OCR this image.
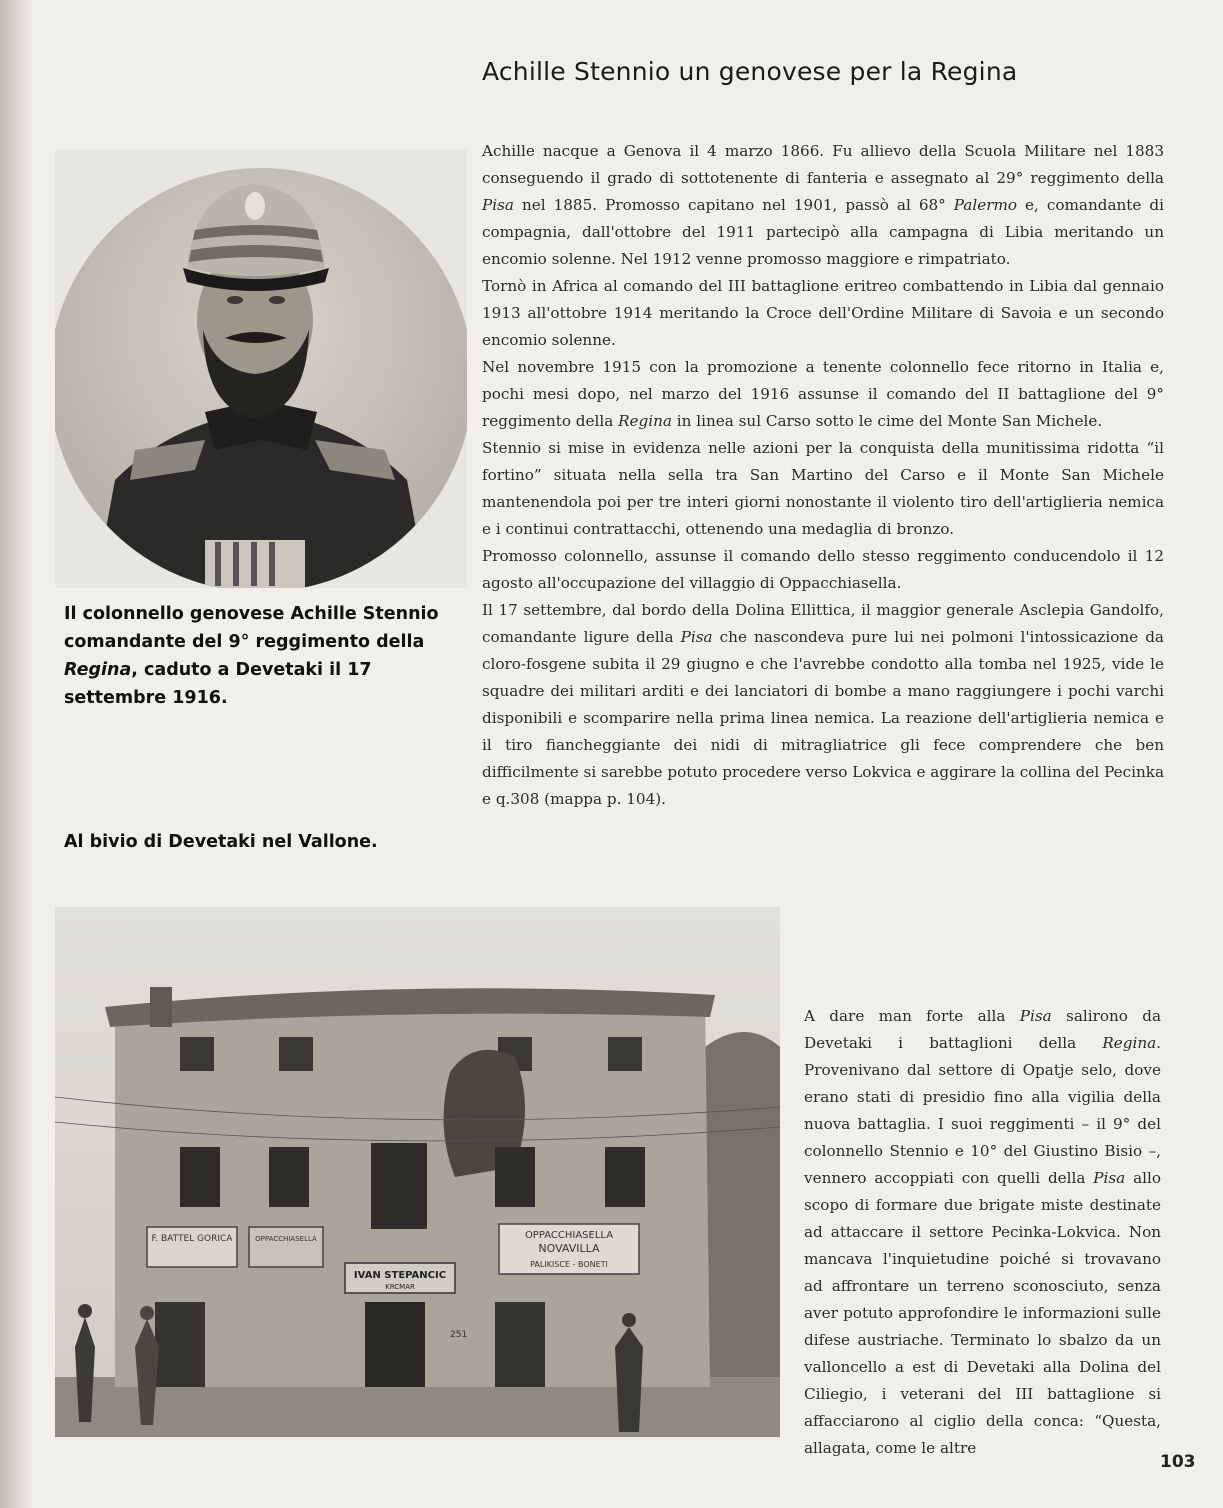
Achille Stennio un genovese per la Regina

Il colonnello genovese Achille Stennio comandante del 9° reggimento della Regina, caduto a Devetaki il 17 settembre 1916.

Al bivio di Devetaki nel Vallone.

Achille nacque a Genova il 4 marzo 1866. Fu allievo della Scuola Militare nel 1883 conseguendo il grado di sottotenente di fanteria e assegnato al 29° reggimento della Pisa nel 1885. Promosso capitano nel 1901, passò al 68° Palermo e, comandante di compagnia, dall'ottobre del 1911 partecipò alla campagna di Libia meritando un encomio solenne. Nel 1912 venne promosso maggiore e rimpatriato.

Tornò in Africa al comando del III battaglione eritreo combattendo in Libia dal gennaio 1913 all'ottobre 1914 meritando la Croce dell'Ordine Militare di Savoia e un secondo encomio solenne.

Nel novembre 1915 con la promozione a tenente colonnello fece ritorno in Italia e, pochi mesi dopo, nel marzo del 1916 assunse il comando del II battaglione del 9° reggimento della Regina in linea sul Carso sotto le cime del Monte San Michele.

Stennio si mise in evidenza nelle azioni per la conquista della munitissima ridotta “il fortino” situata nella sella tra San Martino del Carso e il Monte San Michele mantenendola poi per tre interi giorni nonostante il violento tiro dell'artiglieria nemica e i continui contrattacchi, ottenendo una medaglia di bronzo.

Promosso colonnello, assunse il comando dello stesso reggimento conducendolo il 12 agosto all'occupazione del villaggio di Oppacchiasella.

Il 17 settembre, dal bordo della Dolina Ellittica, il maggior generale Asclepia Gandolfo, comandante ligure della Pisa che nascondeva pure lui nei polmoni l'intossicazione da cloro-fosgene subita il 29 giugno e che l'avrebbe condotto alla tomba nel 1925, vide le squadre dei militari arditi e dei lanciatori di bombe a mano raggiungere i pochi varchi disponibili e scomparire nella prima linea nemica. La reazione dell'artiglieria nemica e il tiro fiancheggiante dei nidi di mitragliatrice gli fece comprendere che ben difficilmente si sarebbe potuto procedere verso Lokvica e aggirare la collina del Pecinka e q.308 (mappa p. 104).

A dare man forte alla Pisa salirono da Devetaki i battaglioni della Regina. Provenivano dal settore di Opatje selo, dove erano stati di presidio fino alla vigilia della nuova battaglia. I suoi reggimenti – il 9° del colonnello Stennio e 10° del Giustino Bisio –, vennero accoppiati con quelli della Pisa allo scopo di formare due brigate miste destinate ad attaccare il settore Pecinka-Lokvica. Non mancava l'inquietudine poiché si trovavano ad affrontare un terreno sconosciuto, senza aver potuto approfondire le informazioni sulle difese austriache. Terminato lo sbalzo da un valloncello a est di Devetaki alla Dolina del Ciliegio, i veterani del III battaglione si affacciarono al ciglio della conca: “Questa, allagata, come le altre

F. BATTEL GORICA	OPPACCHIASELLA	OPPACCHIASELLA
NOVAVILLA
PALIKISCE - BONETI
IVAN STEPANCIC
KRCMAR
251

103
